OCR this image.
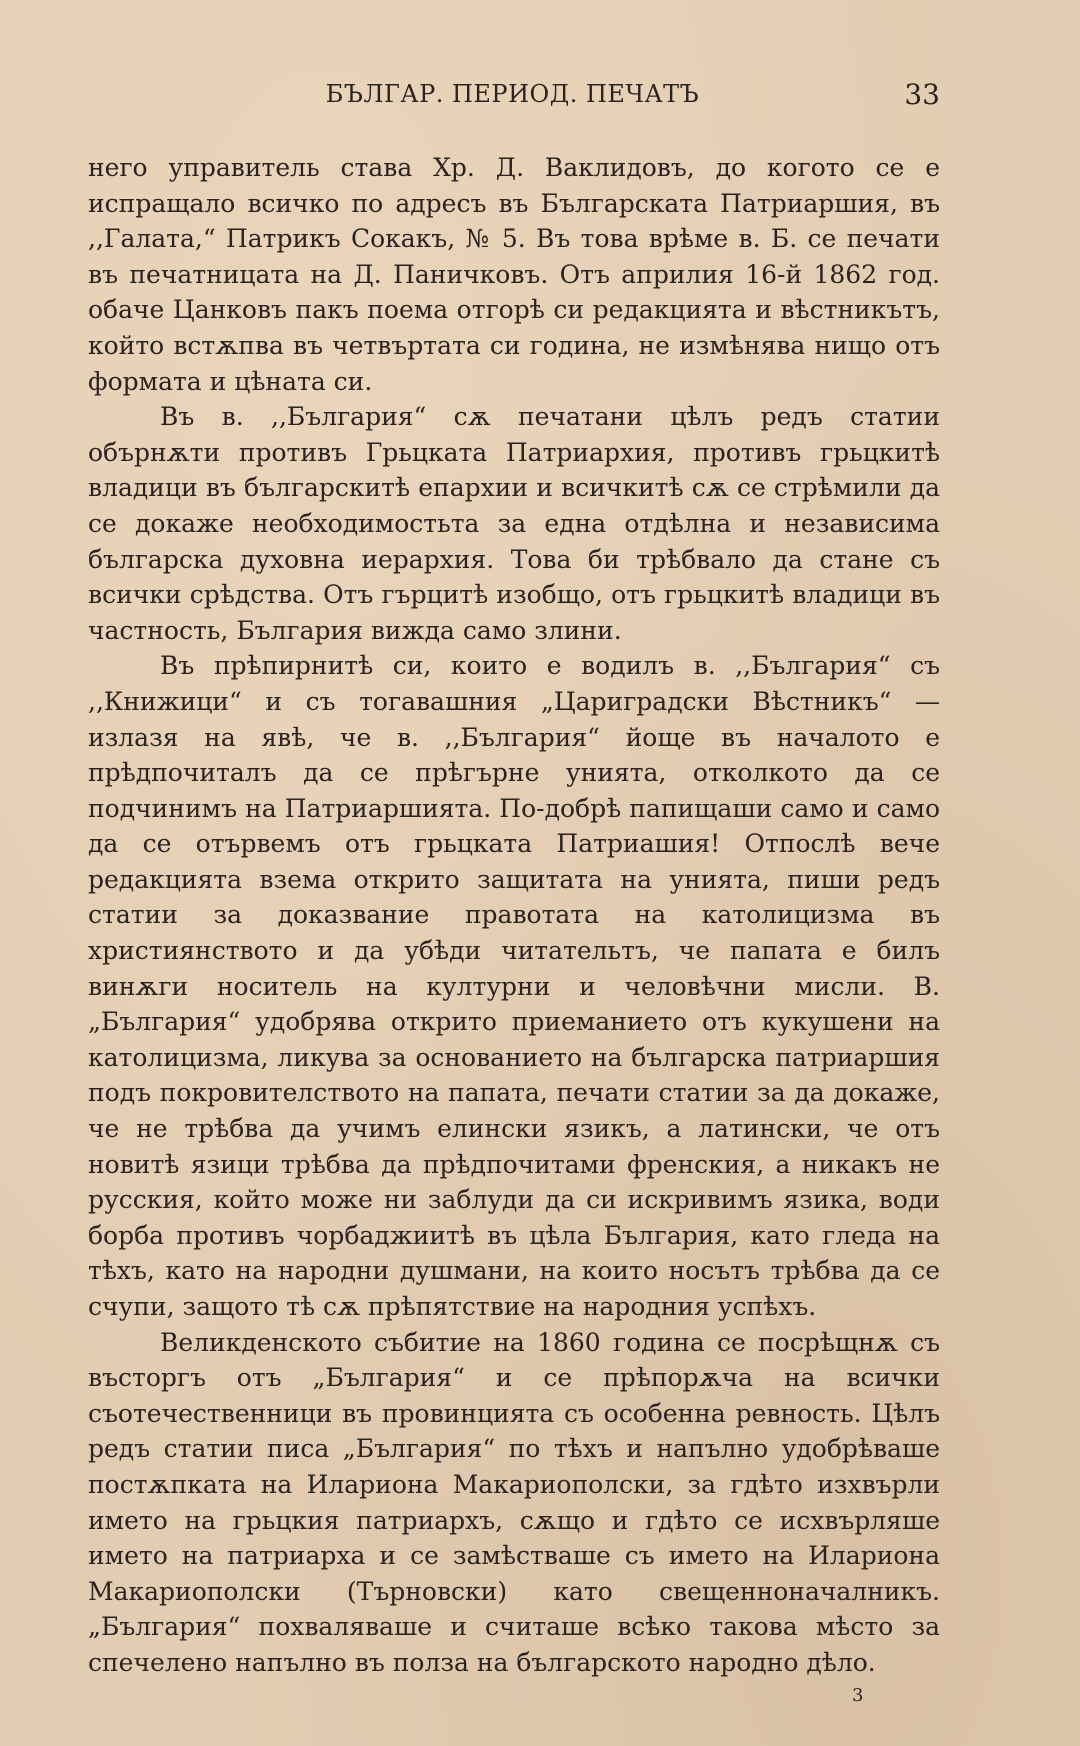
БЪЛГАР. ПЕРИОД. ПЕЧАТЪ	33

него управитель става Хр. Д. Ваклидовъ, до когото се е испращало всичко по адресъ въ Българската Патриаршия, въ ,,Галата,“ Патрикъ Сокакъ, № 5. Въ това врѣме в. Б. се печати въ печатницата на Д. Паничковъ. Отъ априлия 16-й 1862 год. обаче Цанковъ пакъ поема отгорѣ си редакцията и вѣстникътъ, който встѫпва въ четвъртата си година, не измѣнява нищо отъ формата и цѣната си.

Въ в. ,,България“ сѫ печатани цѣлъ редъ статии обърнѫти противъ Грьцката Патриархия, противъ грьцкитѣ владици въ българскитѣ епархии и всичкитѣ сѫ се стрѣмили да се докаже необходимостьта за една отдѣлна и независима българска духовна иерархия. Това би трѣбвало да стане съ всички срѣдства. Отъ гърцитѣ изобщо, отъ грьцкитѣ владици въ частность, България вижда само злини.

Въ прѣпирнитѣ си, които е водилъ в. ,,България“ съ ,,Книжици“ и съ тогавашния „Цариградски Вѣстникъ“ — излазя на явѣ, че в. ,,България“ йоще въ началото е прѣдпочиталъ да се прѣгърне унията, отколкото да се подчинимъ на Патриаршията. По-добрѣ папищаши само и само да се отървемъ отъ грьцката Патриашия! Отпослѣ вече редакцията взема открито защитата на унията, пиши редъ статии за доказвание правотата на католицизма въ християнството и да убѣди читательтъ, че папата е билъ винѫги носитель на културни и человѣчни мисли. В. „България“ удобрява открито приеманието отъ кукушени на католицизма, ликува за основанието на българска патриаршия подъ покровителството на папата, печати статии за да докаже, че не трѣбва да учимъ елински язикъ, а латински, че отъ новитѣ язици трѣбва да прѣдпочитами френския, а никакъ не русския, който може ни заблуди да си искривимъ язика, води борба противъ чорбаджиитѣ въ цѣла България, като гледа на тѣхъ, като на народни душмани, на които носътъ трѣбва да се счупи, защото тѣ сѫ прѣпятствие на народния успѣхъ.

Великденското събитие на 1860 година се посрѣщнѫ съ въсторгъ отъ „България“ и се прѣпорѫча на всички съотечественници въ провинцията съ особенна ревность. Цѣлъ редъ статии писа „България“ по тѣхъ и напълно удобрѣваше постѫпката на Илариона Макариополски, за гдѣто изхвърли името на грьцкия патриархъ, сѫщо и гдѣто се исхвърляше името на патриарха и се замѣстваше съ името на Илариона Макариополски (Търновски) като свещенноначалникъ. „България“ похваляваше и считаше всѣко такова мѣсто за спечелено напълно въ полза на българското народно дѣло.

3
